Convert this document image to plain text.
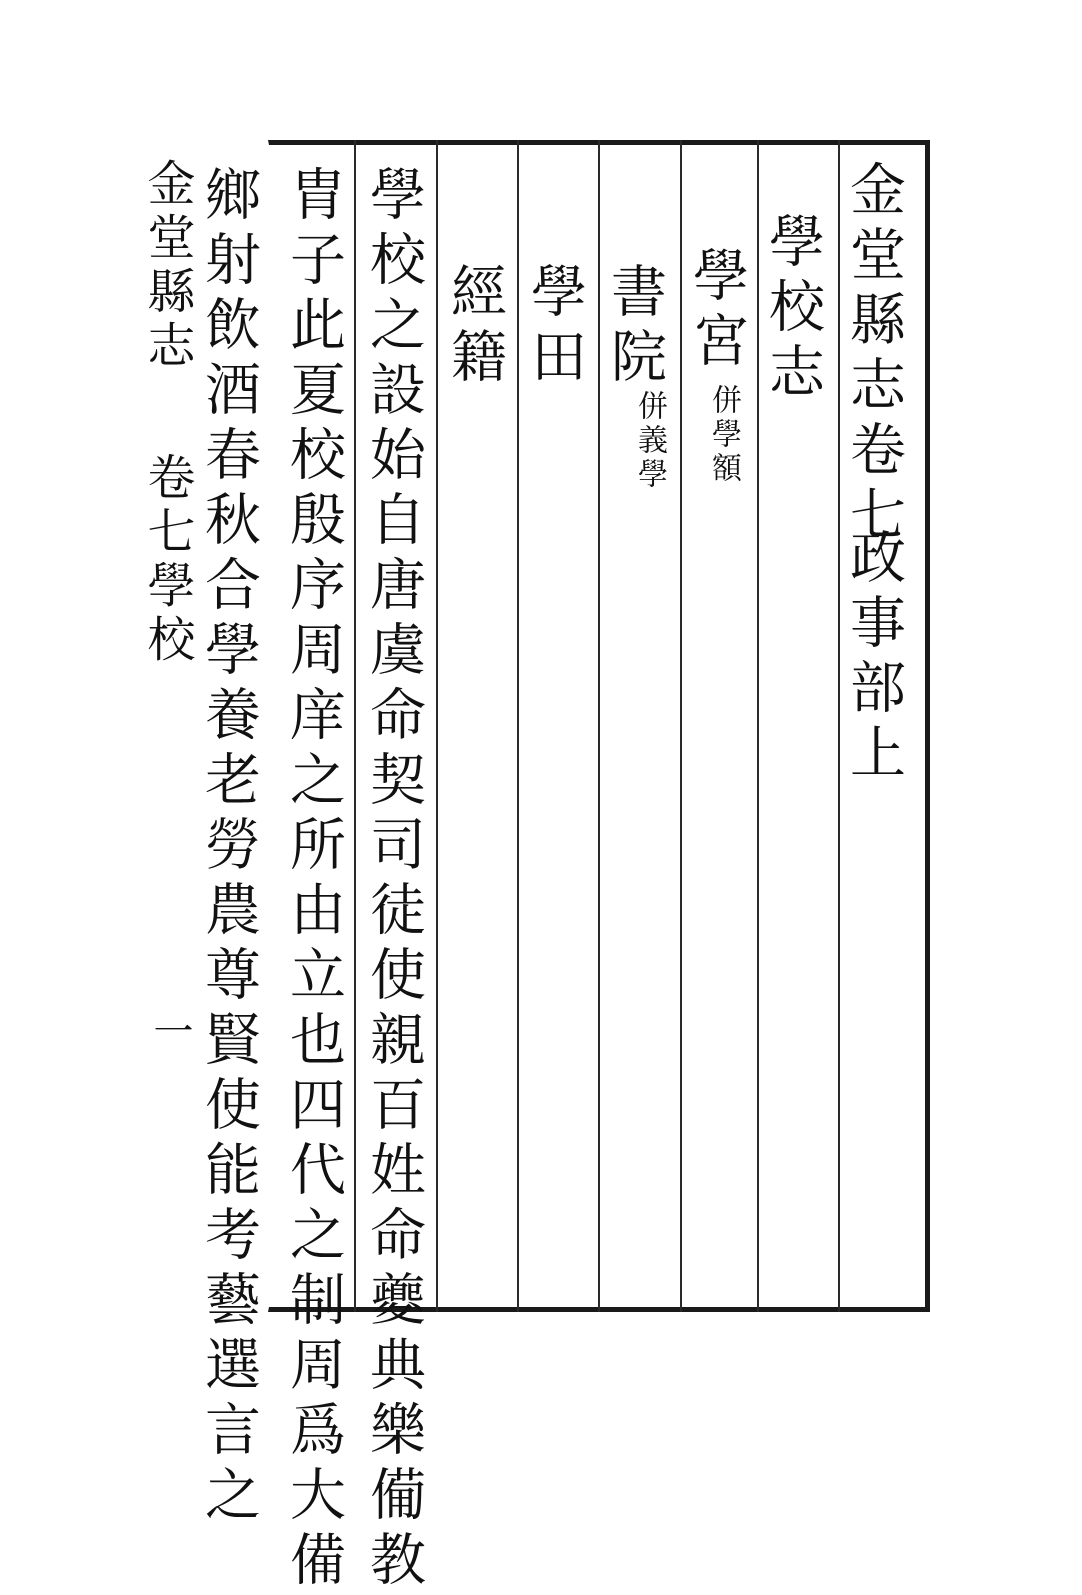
金堂縣志卷七
政事部上
學校志
學宮
併學額
書院
併義學
學田
經籍
學校之設始自唐虞命契司徒使親百姓命夔典樂僃教
胄子此夏校殷序周庠之所由立也四代之制周爲大備
鄉射飲酒春秋合學養老勞農尊賢使能考藝選言之
金堂縣志
卷七學校
一
